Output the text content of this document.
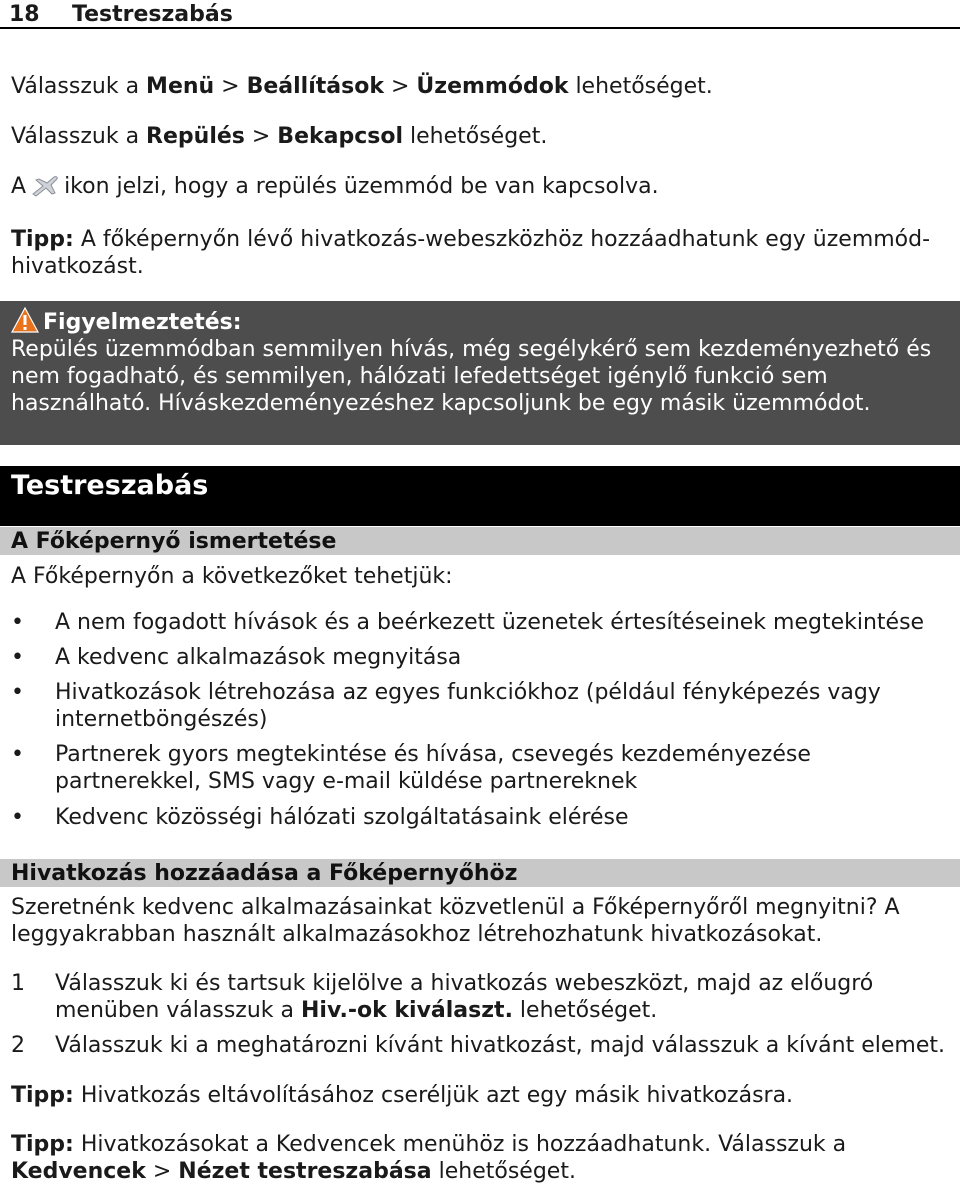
18 Testreszabás

Válasszuk a Menü > Beállítások > Üzemmódok lehetőséget.

Válasszuk a Repülés > Bekapcsol lehetőséget.

A ikon jelzi, hogy a repülés üzemmód be van kapcsolva.

Tipp: A főképernyőn lévő hivatkozás-webeszközhöz hozzáadhatunk egy üzemmód-hivatkozást.

Figyelmeztetés:
Repülés üzemmódban semmilyen hívás, még segélykérő sem kezdeményezhető és nem fogadható, és semmilyen, hálózati lefedettséget igénylő funkció sem használható. Híváskezdeményezéshez kapcsoljunk be egy másik üzemmódot.
Testreszabás
A Főképernyő ismertetése

A Főképernyőn a következőket tehetjük:

• A nem fogadott hívások és a beérkezett üzenetek értesítéseinek megtekintése
• A kedvenc alkalmazások megnyitása
• Hivatkozások létrehozása az egyes funkciókhoz (például fényképezés vagy internetböngészés)
• Partnerek gyors megtekintése és hívása, csevegés kezdeményezése partnerekkel, SMS vagy e-mail küldése partnereknek
• Kedvenc közösségi hálózati szolgáltatásaink elérése
Hivatkozás hozzáadása a Főképernyőhöz

Szeretnénk kedvenc alkalmazásainkat közvetlenül a Főképernyőről megnyitni? A leggyakrabban használt alkalmazásokhoz létrehozhatunk hivatkozásokat.

1 Válasszuk ki és tartsuk kijelölve a hivatkozás webeszközt, majd az előugró menüben válasszuk a Hiv.-ok kiválaszt. lehetőséget.
2 Válasszuk ki a meghatározni kívánt hivatkozást, majd válasszuk a kívánt elemet.

Tipp: Hivatkozás eltávolításához cseréljük azt egy másik hivatkozásra.

Tipp: Hivatkozásokat a Kedvencek menühöz is hozzáadhatunk. Válasszuk a Kedvencek > Nézet testreszabása lehetőséget.
